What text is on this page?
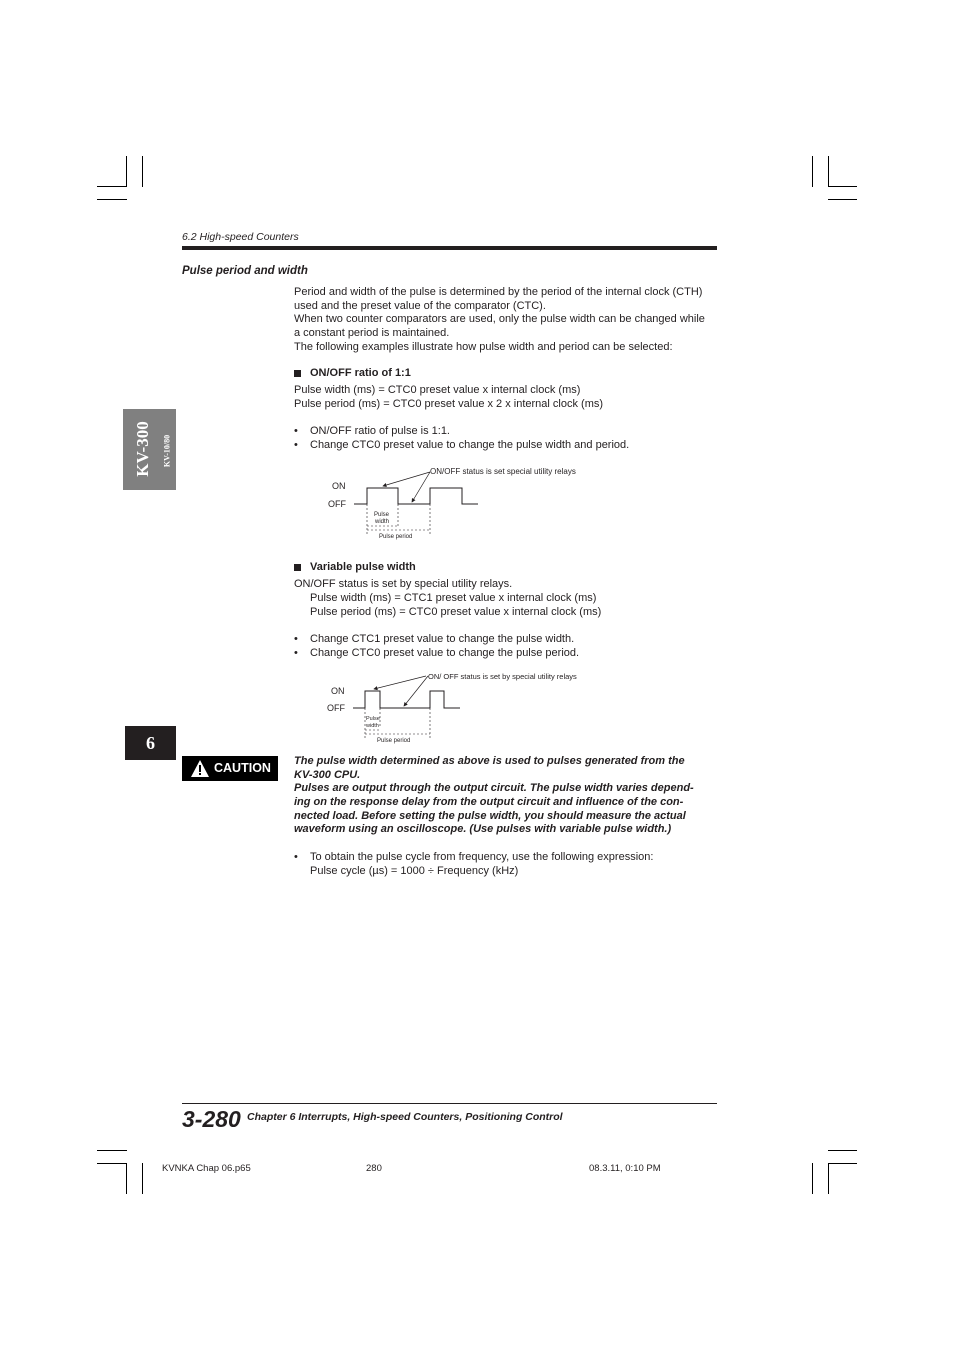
6.2 High-speed Counters
KV-300 KV-10/80
6
Pulse period and width
Period and width of the pulse is determined by the period of the internal clock (CTH)
used and the preset value of the comparator (CTC).
When two counter comparators are used, only the pulse width can be changed while
a constant period is maintained.
The following examples illustrate how pulse width and period can be selected:
ON/OFF ratio of 1:1
Pulse width (ms) = CTC0 preset value x internal clock (ms)
Pulse period (ms) = CTC0 preset value x 2 x internal clock (ms)
• ON/OFF ratio of pulse is 1:1.
• Change CTC0 preset value to change the pulse width and period.
ON
OFF
ON/OFF status is set special utility relays
Pulse
width
Pulse period
Variable pulse width
ON/OFF status is set by special utility relays.
Pulse width (ms) = CTC1 preset value x internal clock (ms)
Pulse period (ms) = CTC0 preset value x internal clock (ms)
• Change CTC1 preset value to change the pulse width.
• Change CTC0 preset value to change the pulse period.
ON
OFF
ON/ OFF status is set by special utility relays
Pulse
width
Pulse period
CAUTION The pulse width determined as above is used to pulses generated from the
KV-300 CPU.
Pulses are output through the output circuit. The pulse width varies depend-
ing on the response delay from the output circuit and influence of the con-
nected load. Before setting the pulse width, you should measure the actual
waveform using an oscilloscope. (Use pulses with variable pulse width.)
• To obtain the pulse cycle from frequency, use the following expression:
Pulse cycle (µs) = 1000 ÷ Frequency (kHz)
3-280 Chapter 6 Interrupts, High-speed Counters, Positioning Control
KVNKA Chap 06.p65	280	08.3.11, 0:10 PM
